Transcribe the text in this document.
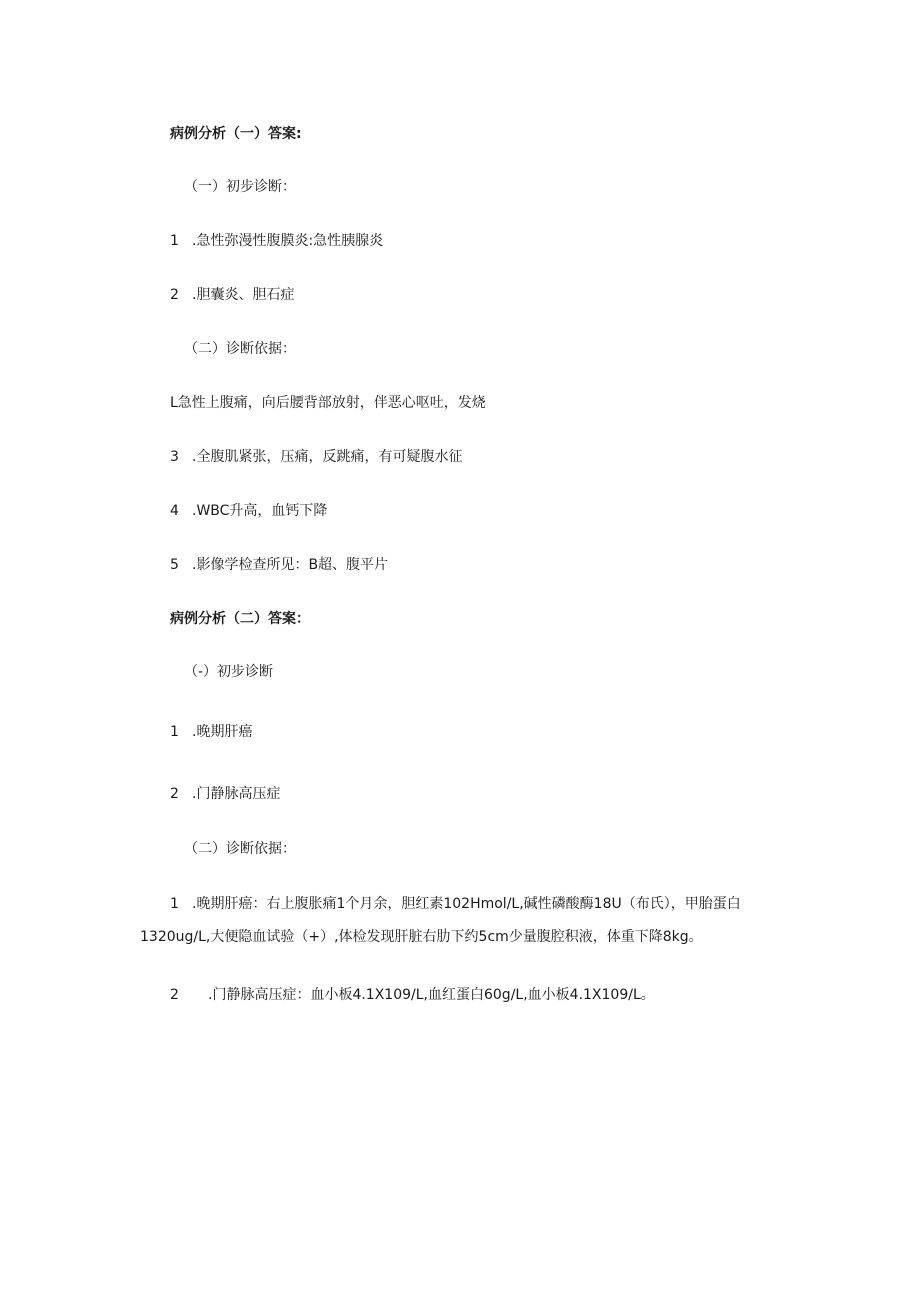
病例分析（一）答案:
（一）初步诊断：
1 .急性弥漫性腹膜炎:急性胰腺炎
2 .胆囊炎、胆石症
（二）诊断依据：
L急性上腹痛，向后腰背部放射，伴恶心呕吐，发烧
3 .全腹肌紧张，压痛，反跳痛，有可疑腹水征
4 .WBC升高，血钙下降
5 .影像学检查所见：B超、腹平片
病例分析（二）答案：
（-）初步诊断
1 .晚期肝癌
2 .门静脉高压症
（二）诊断依据：
1 .晚期肝癌：右上腹胀痛1个月余，胆红素102Hmol/L,碱性磷酸酶18U（布氏），甲胎蛋白1320ug∕L,大便隐血试验（+）,体检发现肝脏右肋下约5cm少量腹腔积液，体重下降8kg。
2 .门静脉高压症：血小板4.1X109/L,血红蛋白60g∕L,血小板4.1X109/L。
